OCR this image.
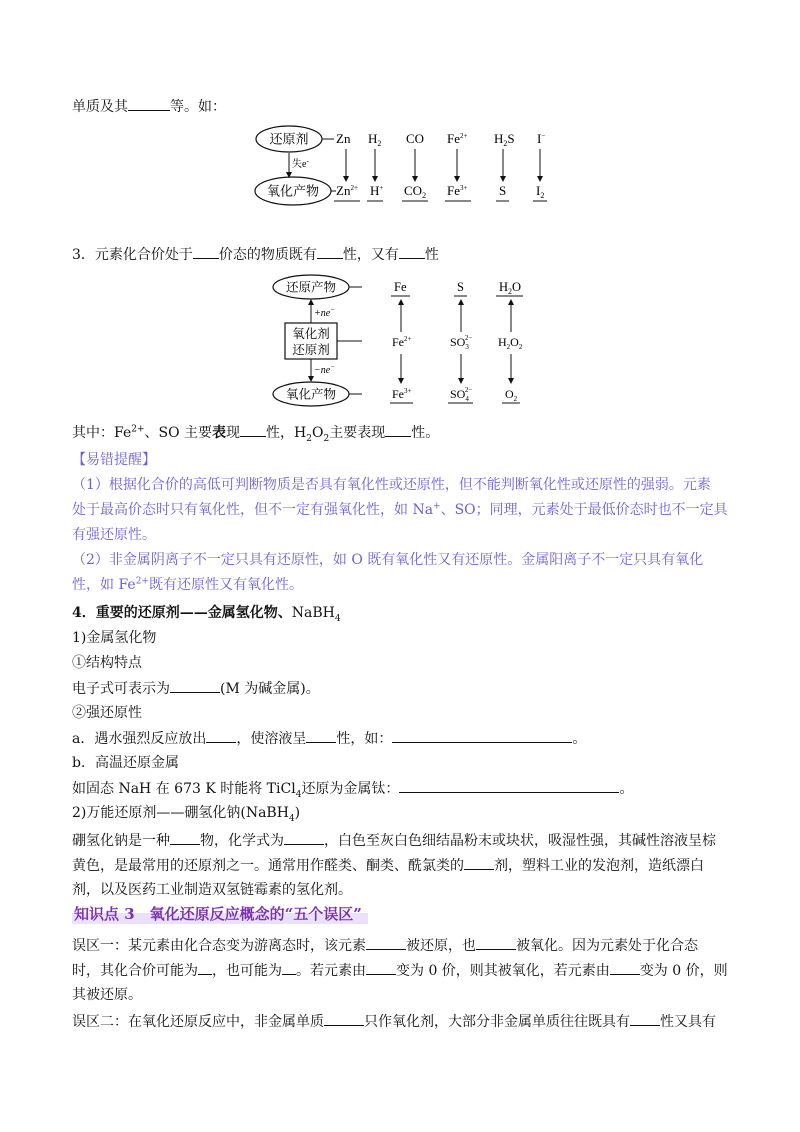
单质及其	等。如：
还原剂
氧化产物
失e-
Zn $H_2$ CO $Fe^{2+}$ $H_2S$ I−
$Zn^{2+}$ H+ $CO_2$ $Fe^{3+}$ S $I_2$
3．元素化合价处于 价态的物质既有 性，又有 性
还原产物
氧化剂
还原剂
氧化产物
+ne−
−ne−
Fe	S	$H_2O$
$Fe^{2+}$	$SO_32- H_2O_2$
$Fe^{3+}$	$SO_42-$	$O_2$
其中：$Fe^{2+}$、SO 主要表现 性，$H_2O_2$主要表现 性。
【易错提醒】
（1）根据化合价的高低可判断物质是否具有氧化性或还原性，但不能判断氧化性或还原性的强弱。元素
处于最高价态时只有氧化性，但不一定有强氧化性，如 Na+、SO；同理，元素处于最低价态时也不一定具
有强还原性。
（2）非金属阴离子不一定只具有还原性，如 O 既有氧化性又有还原性。金属阳离子不一定只具有氧化
性，如 $Fe^{2+}$既有还原性又有氧化性。
4．重要的还原剂——金属氢化物、NaBH$_4$
1)金属氢化物
①结构特点
电子式可表示为	(M 为碱金属)。
②强还原性
a．遇水强烈反应放出 ，使溶液呈 性，如：	。
b．高温还原金属
如固态 NaH 在 673 K 时能将 TiCl$_4$还原为金属钛：	。
2)万能还原剂——硼氢化钠(NaBH$_4$)
硼氢化钠是一种 物，化学式为	，白色至灰白色细结晶粉末或块状，吸湿性强，其碱性溶液呈棕
黄色，是最常用的还原剂之一。通常用作醛类、酮类、酰氯类的 剂，塑料工业的发泡剂，造纸漂白
剂，以及医药工业制造双氢链霉素的氢化剂。
知识点 3　氧化还原反应概念的“五个误区”
误区一：某元素由化合态变为游离态时，该元素	被还原，也	被氧化。因为元素处于化合态
时，其化合价可能为 ，也可能为 。若元素由 变为 0 价，则其被氧化，若元素由 变为 0 价，则
其被还原。
误区二：在氧化还原反应中，非金属单质	只作氧化剂，大部分非金属单质往往既具有 性又具有
